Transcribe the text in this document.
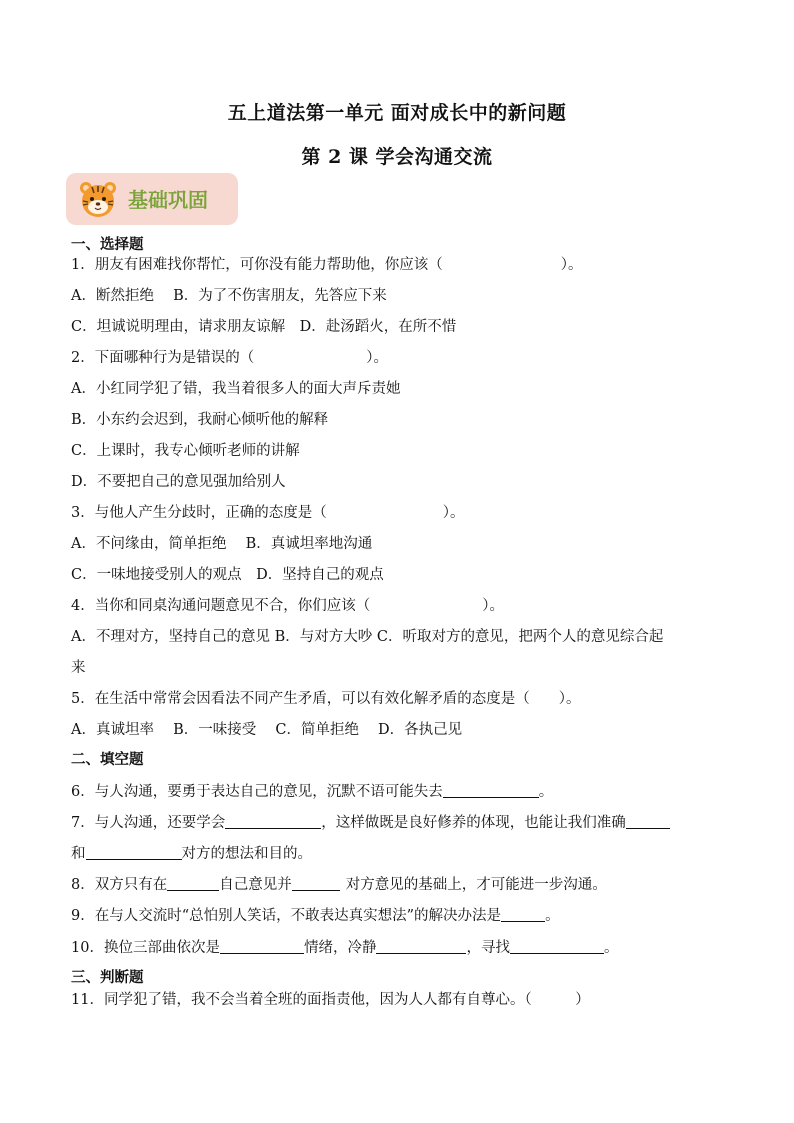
五上道法第一单元 面对成长中的新问题
第 2 课 学会沟通交流
基础巩固
一、选择题
1．朋友有困难找你帮忙，可你没有能力帮助他，你应该（	）。
A．断然拒绝　 B．为了不伤害朋友，先答应下来
C．坦诚说明理由，请求朋友谅解　D．赴汤蹈火，在所不惜
2．下面哪种行为是错误的（	）。
A．小红同学犯了错，我当着很多人的面大声斥责她
B．小东约会迟到，我耐心倾听他的解释
C．上课时，我专心倾听老师的讲解
D．不要把自己的意见强加给别人
3．与他人产生分歧时，正确的态度是（	）。
A．不问缘由，简单拒绝　 B．真诚坦率地沟通
C．一味地接受别人的观点　D．坚持自己的观点
4．当你和同桌沟通问题意见不合，你们应该（	）。
A．不理对方，坚持自己的意见 B．与对方大吵 C．听取对方的意见，把两个人的意见综合起
来
5．在生活中常常会因看法不同产生矛盾，可以有效化解矛盾的态度是（　　）。
A．真诚坦率　 B．一味接受　 C．简单拒绝　 D．各执己见
二、填空题
6．与人沟通，要勇于表达自己的意见，沉默不语可能失去	。
7．与人沟通，还要学会	，这样做既是良好修养的体现，也能让我们准确
和	对方的想法和目的。
8．双方只有在	自己意见并	对方意见的基础上，才可能进一步沟通。
9．在与人交流时“总怕别人笑话，不敢表达真实想法”的解决办法是	。
10．换位三部曲依次是	情绪，冷静	，寻找	。
三、判断题
11．同学犯了错，我不会当着全班的面指责他，因为人人都有自尊心。（　　　）
